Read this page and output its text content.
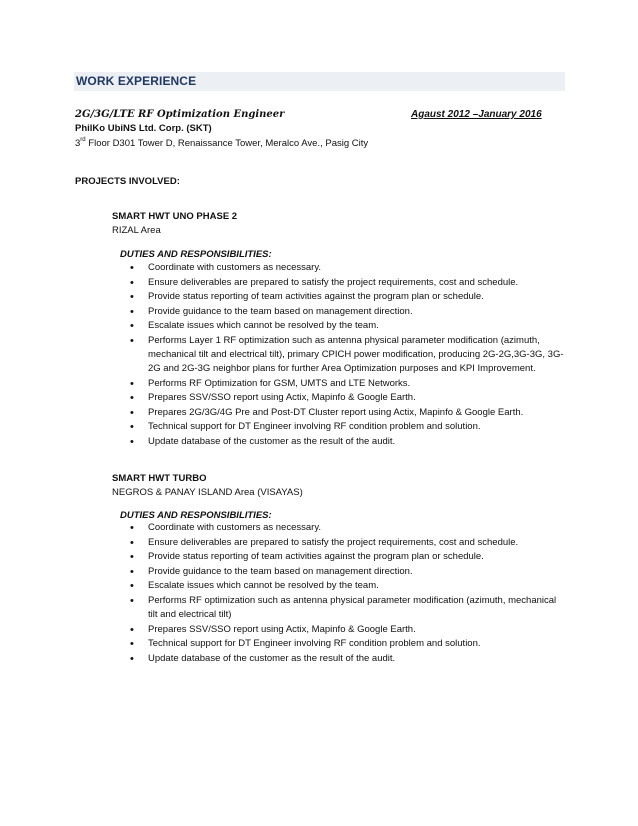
WORK EXPERIENCE
2G/3G/LTE RF Optimization Engineer	Agaust 2012 –January 2016
PhilKo UbiNS Ltd. Corp. (SKT)
3rd Floor D301 Tower D, Renaissance Tower, Meralco Ave., Pasig City
PROJECTS INVOLVED:
SMART HWT UNO PHASE 2
RIZAL Area
DUTIES AND RESPONSIBILITIES:
• Coordinate with customers as necessary.
• Ensure deliverables are prepared to satisfy the project requirements, cost and schedule.
• Provide status reporting of team activities against the program plan or schedule.
• Provide guidance to the team based on management direction.
• Escalate issues which cannot be resolved by the team.
• Performs Layer 1 RF optimization such as antenna physical parameter modification (azimuth, mechanical tilt and electrical tilt), primary CPICH power modification, producing 2G-2G,3G-3G, 3G-2G and 2G-3G neighbor plans for further Area Optimization purposes and KPI Improvement.
• Performs RF Optimization for GSM, UMTS and LTE Networks.
• Prepares SSV/SSO report using Actix, Mapinfo & Google Earth.
• Prepares 2G/3G/4G Pre and Post-DT Cluster report using Actix, Mapinfo & Google Earth.
• Technical support for DT Engineer involving RF condition problem and solution.
• Update database of the customer as the result of the audit.
SMART HWT TURBO
NEGROS & PANAY ISLAND Area (VISAYAS)
DUTIES AND RESPONSIBILITIES:
• Coordinate with customers as necessary.
• Ensure deliverables are prepared to satisfy the project requirements, cost and schedule.
• Provide status reporting of team activities against the program plan or schedule.
• Provide guidance to the team based on management direction.
• Escalate issues which cannot be resolved by the team.
• Performs RF optimization such as antenna physical parameter modification (azimuth, mechanical tilt and electrical tilt)
• Prepares SSV/SSO report using Actix, Mapinfo & Google Earth.
• Technical support for DT Engineer involving RF condition problem and solution.
• Update database of the customer as the result of the audit.
